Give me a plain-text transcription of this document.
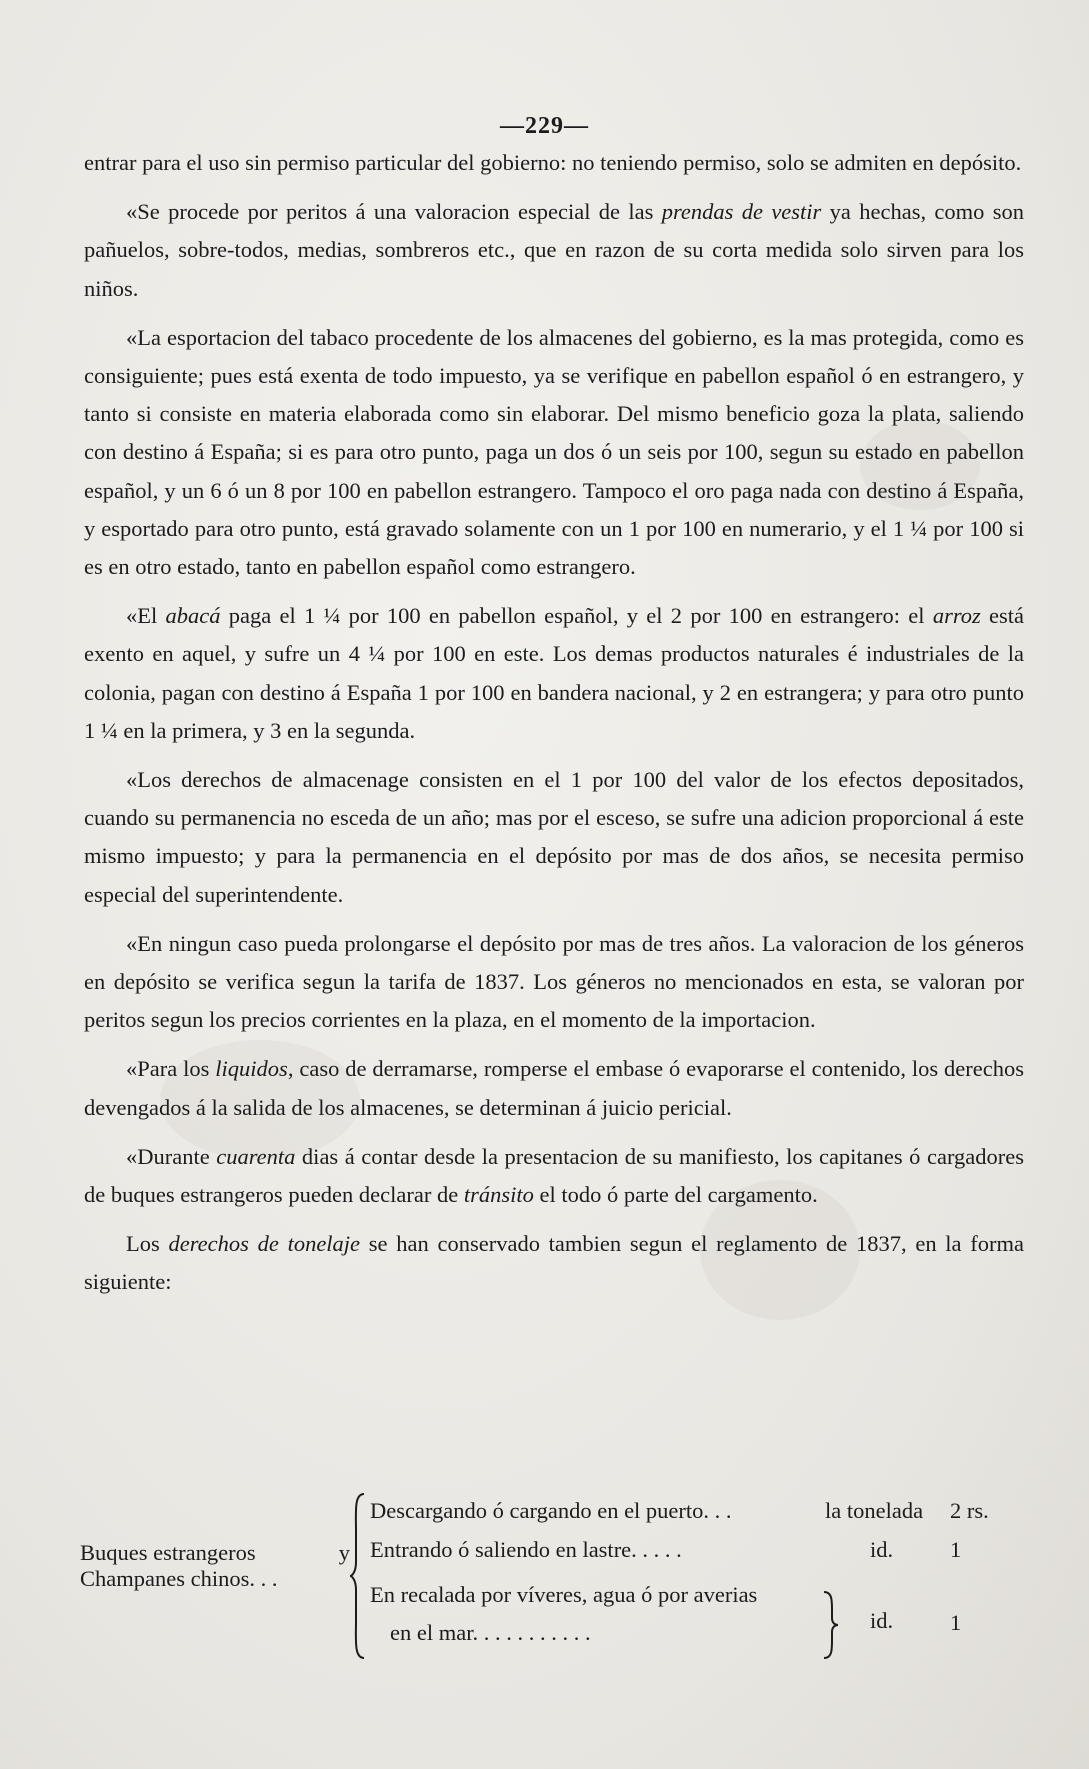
—229—

entrar para el uso sin permiso particular del gobierno: no teniendo permiso, solo se admiten en depósito.

«Se procede por peritos á una valoracion especial de las prendas de vestir ya hechas, como son pañuelos, sobre-todos, medias, sombreros etc., que en razon de su corta medida solo sirven para los niños.

«La esportacion del tabaco procedente de los almacenes del gobierno, es la mas protegida, como es consiguiente; pues está exenta de todo impuesto, ya se verifique en pabellon español ó en estrangero, y tanto si consiste en materia elaborada como sin elaborar. Del mismo beneficio goza la plata, saliendo con destino á España; si es para otro punto, paga un dos ó un seis por 100, segun su estado en pabellon español, y un 6 ó un 8 por 100 en pabellon estrangero. Tampoco el oro paga nada con destino á España, y esportado para otro punto, está gravado solamente con un 1 por 100 en numerario, y el 1 ¼ por 100 si es en otro estado, tanto en pabellon español como estrangero.

«El abacá paga el 1 ¼ por 100 en pabellon español, y el 2 por 100 en estrangero: el arroz está exento en aquel, y sufre un 4 ¼ por 100 en este. Los demas productos naturales é industriales de la colonia, pagan con destino á España 1 por 100 en bandera nacional, y 2 en estrangera; y para otro punto 1 ¼ en la primera, y 3 en la segunda.

«Los derechos de almacenage consisten en el 1 por 100 del valor de los efectos depositados, cuando su permanencia no esceda de un año; mas por el esceso, se sufre una adicion proporcional á este mismo impuesto; y para la permanencia en el depósito por mas de dos años, se necesita permiso especial del superintendente.

«En ningun caso pueda prolongarse el depósito por mas de tres años. La valoracion de los géneros en depósito se verifica segun la tarifa de 1837. Los géneros no mencionados en esta, se valoran por peritos segun los precios corrientes en la plaza, en el momento de la importacion.

«Para los liquidos, caso de derramarse, romperse el embase ó evaporarse el contenido, los derechos devengados á la salida de los almacenes, se determinan á juicio pericial.

«Durante cuarenta dias á contar desde la presentacion de su manifiesto, los capitanes ó cargadores de buques estrangeros pueden declarar de tránsito el todo ó parte del cargamento.

Los derechos de tonelaje se han conservado tambien segun el reglamento de 1837, en la forma siguiente:

Buques estrangeros	y
Champanes chinos. . .
Descargando ó cargando en el puerto. . .	la tonelada 2 rs.
Entrando ó saliendo en lastre. . . . .	id.	1
En recalada por víveres, agua ó por averias
en el mar. . . . . . . . . . .	id.	1
